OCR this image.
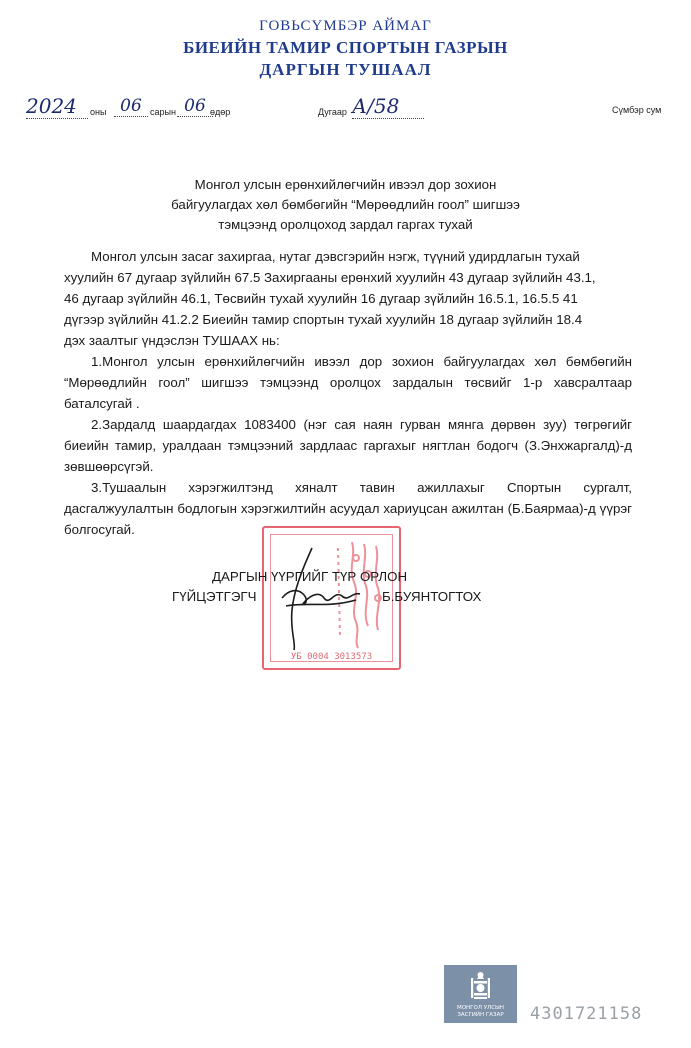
ГОВЬСҮМБЭР АЙМАГ
БИЕИЙН ТАМИР СПОРТЫН ГАЗРЫН
ДАРГЫН ТУШААЛ
2024	оны 06 сарын 06 өдөр	Дугаар А/58	Сүмбэр сум
Монгол улсын ерөнхийлөгчийн ивээл дор зохион
байгуулагдах хөл бөмбөгийн “Мөрөөдлийн гоол” шигшээ
тэмцээнд оролцоход зардал гаргах тухай
Монгол улсын засаг захиргаа, нутаг дэвсгэрийн нэгж, түүний удирдлагын тухай
хуулийн 67 дугаар зүйлийн 67.5 Захиргааны ерөнхий хуулийн 43 дугаар зүйлийн 43.1,
46 дугаар зүйлийн 46.1, Төсвийн тухай хуулийн 16 дугаар зүйлийн 16.5.1, 16.5.5 41
дүгээр зүйлийн 41.2.2 Биеийн тамир спортын тухай хуулийн 18 дугаар зүйлийн 18.4
дэх заалтыг үндэслэн ТУШААХ нь:

1.Монгол улсын ерөнхийлөгчийн ивээл дор зохион байгуулагдах хөл бөмбөгийн “Мөрөөдлийн гоол” шигшээ тэмцээнд оролцох зардалын төсвийг 1-р хавсралтаар баталсугай .

2.Зардалд шаардагдах 1083400 (нэг сая наян гурван мянга дөрвөн зуу) төгрөгийг биеийн тамир, уралдаан тэмцээний зардлаас гаргахыг нягтлан бодогч (З.Энхжаргалд)-д зөвшөөрсүгэй.

3.Тушаалын хэрэгжилтэнд хяналт тавин ажиллахыг Спортын сургалт, дасгалжуулалтын бодлогын хэрэгжилтийн асуудал хариуцсан ажилтан (Б.Баярмаа)-д үүрэг болгосугай.

УБ 0004 3013573
ДАРГЫН ҮҮРГИЙГ ТҮР ОРЛОН
ГҮЙЦЭТГЭГЧ	Б.БУЯНТОГТОХ
МОНГОЛ УЛСЫН
ЗАСГИЙН ГАЗАР	4301721158
